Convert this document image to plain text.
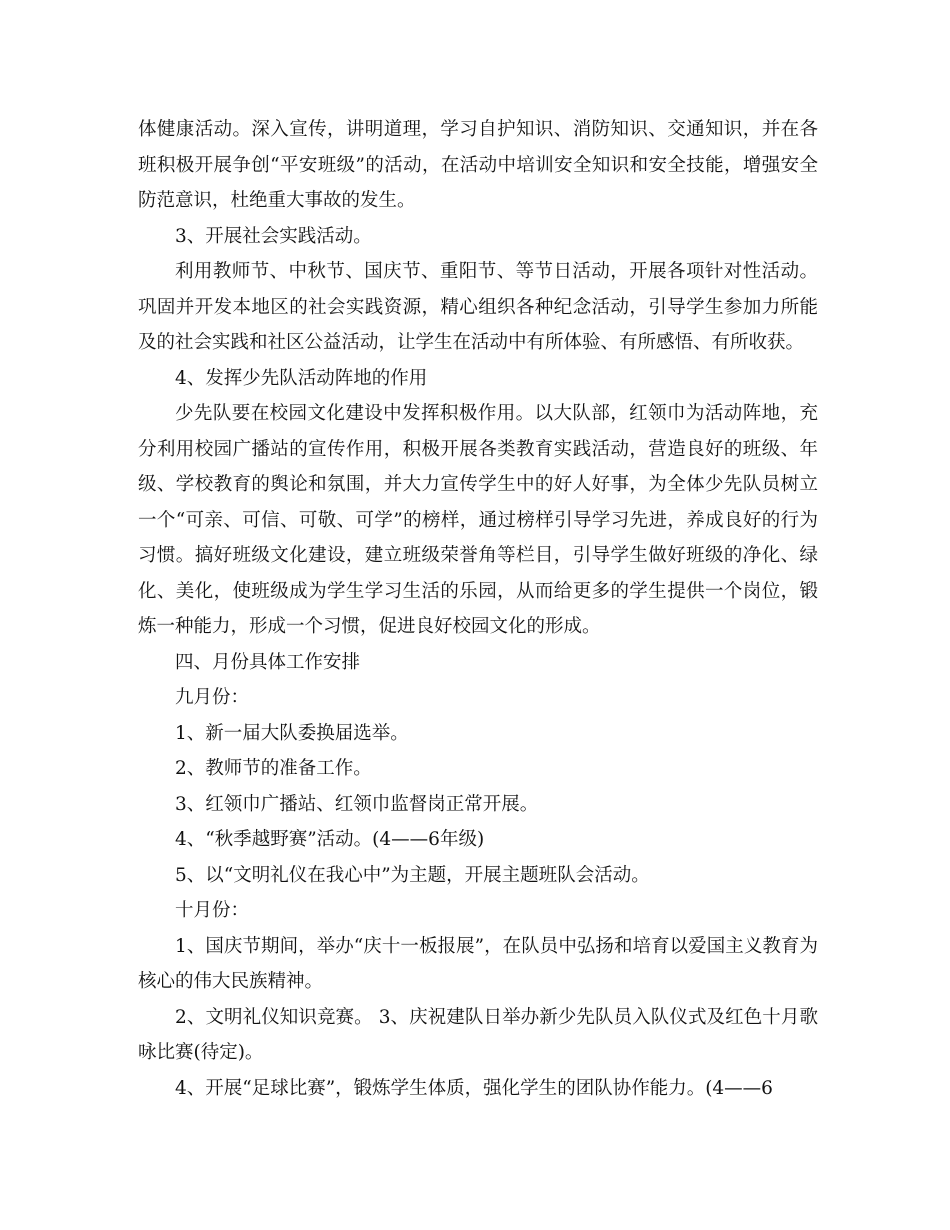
体健康活动。深入宣传，讲明道理，学习自护知识、消防知识、交通知识，并在各班积极开展争创“平安班级”的活动，在活动中培训安全知识和安全技能，增强安全防范意识，杜绝重大事故的发生。

3、开展社会实践活动。

利用教师节、中秋节、国庆节、重阳节、等节日活动，开展各项针对性活动。巩固并开发本地区的社会实践资源，精心组织各种纪念活动，引导学生参加力所能及的社会实践和社区公益活动，让学生在活动中有所体验、有所感悟、有所收获。

4、发挥少先队活动阵地的作用

少先队要在校园文化建设中发挥积极作用。以大队部，红领巾为活动阵地，充分利用校园广播站的宣传作用，积极开展各类教育实践活动，营造良好的班级、年级、学校教育的舆论和氛围，并大力宣传学生中的好人好事，为全体少先队员树立一个“可亲、可信、可敬、可学”的榜样，通过榜样引导学习先进，养成良好的行为习惯。搞好班级文化建设，建立班级荣誉角等栏目，引导学生做好班级的净化、绿化、美化，使班级成为学生学习生活的乐园，从而给更多的学生提供一个岗位，锻炼一种能力，形成一个习惯，促进良好校园文化的形成。

四、月份具体工作安排

九月份：

1、新一届大队委换届选举。

2、教师节的准备工作。

3、红领巾广播站、红领巾监督岗正常开展。

4、“秋季越野赛”活动。(4——6年级)

5、以“文明礼仪在我心中”为主题，开展主题班队会活动。

十月份：

1、国庆节期间，举办“庆十一板报展”，在队员中弘扬和培育以爱国主义教育为核心的伟大民族精神。

2、文明礼仪知识竞赛。 3、庆祝建队日举办新少先队员入队仪式及红色十月歌咏比赛(待定)。

4、开展“足球比赛”，锻炼学生体质，强化学生的团队协作能力。(4——6
